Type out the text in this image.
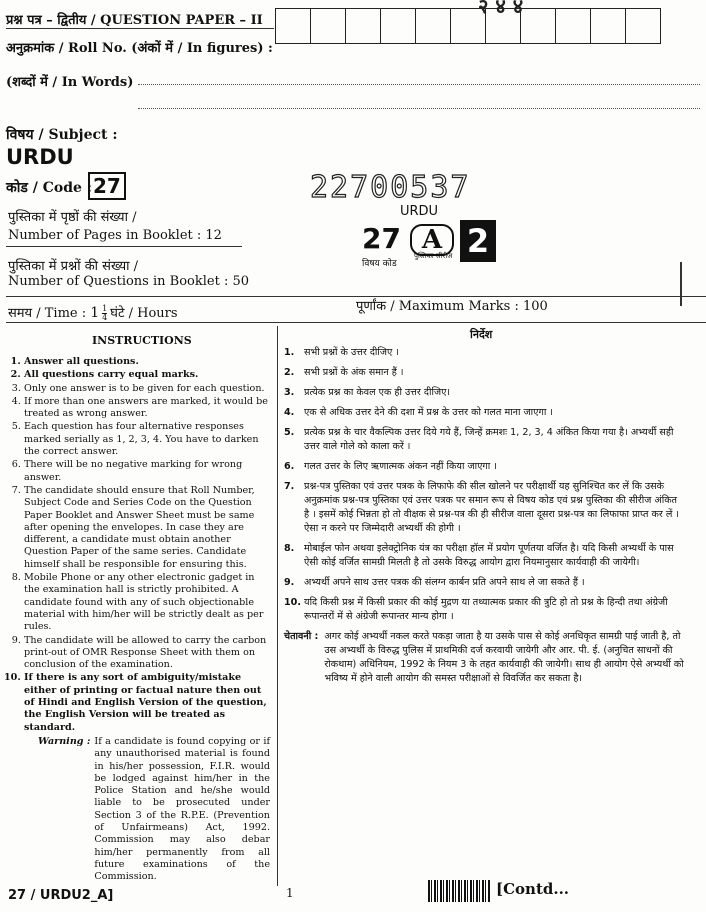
२ ४ ४
प्रश्न पत्र – द्वितीय / QUESTION PAPER – II
अनुक्रमांक / Roll No. (अंकों में / In figures) :
(शब्दों में / In Words)
विषय / Subject :
URDU
कोड / Code : 27
पुस्तिका में पृष्ठों की संख्या /
Number of Pages in Booklet : 12
पुस्तिका में प्रश्नों की संख्या /
Number of Questions in Booklet : 50
22700537
URDU
27 A 2
विषय कोड
पुस्तिका सीरीज
समय / Time : $1 \frac{1}{4}$ घंटे / Hours	पूर्णांक / Maximum Marks : 100
INSTRUCTIONS
1. Answer all questions.
2. All questions carry equal marks.
3. Only one answer is to be given for each question.
4. If more than one answers are marked, it would be treated as wrong answer.
5. Each question has four alternative responses marked serially as 1, 2, 3, 4. You have to darken the correct answer.
6. There will be no negative marking for wrong answer.
7. The candidate should ensure that Roll Number, Subject Code and Series Code on the Question Paper Booklet and Answer Sheet must be same after opening the envelopes. In case they are different, a candidate must obtain another Question Paper of the same series. Candidate himself shall be responsible for ensuring this.
8. Mobile Phone or any other electronic gadget in the examination hall is strictly prohibited. A candidate found with any of such objectionable material with him/her will be strictly dealt as per rules.
9. The candidate will be allowed to carry the carbon print-out of OMR Response Sheet with them on conclusion of the examination.
10. If there is any sort of ambiguity/mistake either of printing or factual nature then out of Hindi and English Version of the question, the English Version will be treated as standard.
Warning : If a candidate is found copying or if any unauthorised material is found in his/her possession, F.I.R. would be lodged against him/her in the Police Station and he/she would liable to be prosecuted under Section 3 of the R.P.E. (Prevention of Unfairmeans) Act, 1992. Commission may also debar him/her permanently from all future examinations of the Commission.
निर्देश
1.	सभी प्रश्नों के उत्तर दीजिए ।
2.	सभी प्रश्नों के अंक समान हैं ।
3.	प्रत्येक प्रश्न का केवल एक ही उत्तर दीजिए।
4.	एक से अधिक उत्तर देने की दशा में प्रश्न के उत्तर को गलत माना जाएगा ।
5.	प्रत्येक प्रश्न के चार वैकल्पिक उत्तर दिये गये हैं, जिन्हें क्रमशः 1, 2, 3, 4 अंकित किया गया है। अभ्यर्थी सही उत्तर वाले गोले को काला करें ।
6.	गलत उत्तर के लिए ऋणात्मक अंकन नहीं किया जाएगा ।
7.	प्रश्न-पत्र पुस्तिका एवं उत्तर पत्रक के लिफाफे की सील खोलने पर परीक्षार्थी यह सुनिश्चित कर लें कि उसके अनुक्रमांक प्रश्न-पत्र पुस्तिका एवं उत्तर पत्रक पर समान रूप से विषय कोड एवं प्रश्न पुस्तिका की सीरीज अंकित है । इसमें कोई भिन्नता हो तो वीक्षक से प्रश्न-पत्र की ही सीरीज वाला दूसरा प्रश्न-पत्र का लिफाफा प्राप्त कर लें । ऐसा न करने पर जिम्मेदारी अभ्यर्थी की होगी ।
8.	मोबाईल फोन अथवा इलेक्ट्रोनिक यंत्र का परीक्षा हॉल में प्रयोग पूर्णतया वर्जित है। यदि किसी अभ्यर्थी के पास ऐसी कोई वर्जित सामग्री मिलती है तो उसके विरुद्ध आयोग द्वारा नियमानुसार कार्यवाही की जायेगी।
9.	अभ्यर्थी अपने साथ उत्तर पत्रक की संलग्न कार्बन प्रति अपने साथ ले जा सकते हैं ।
10. यदि किसी प्रश्न में किसी प्रकार की कोई मुद्रण या तथ्यात्मक प्रकार की त्रुटि हो तो प्रश्न के हिन्दी तथा अंग्रेजी रूपान्तरों में से अंग्रेजी रूपान्तर मान्य होगा ।
चेतावनी : अगर कोई अभ्यर्थी नकल करते पकड़ा जाता है या उसके पास से कोई अनधिकृत सामग्री पाई जाती है, तो उस अभ्यर्थी के विरुद्ध पुलिस में प्राथमिकी दर्ज करवायी जायेगी और आर. पी. ई. (अनुचित साधनों की रोकथाम) अधिनियम, 1992 के नियम 3 के तहत कार्यवाही की जायेगी। साथ ही आयोग ऐसे अभ्यर्थी को भविष्य में होने वाली आयोग की समस्त परीक्षाओं से विवर्जित कर सकता है।
27 / URDU2_A]	1	[Contd...
